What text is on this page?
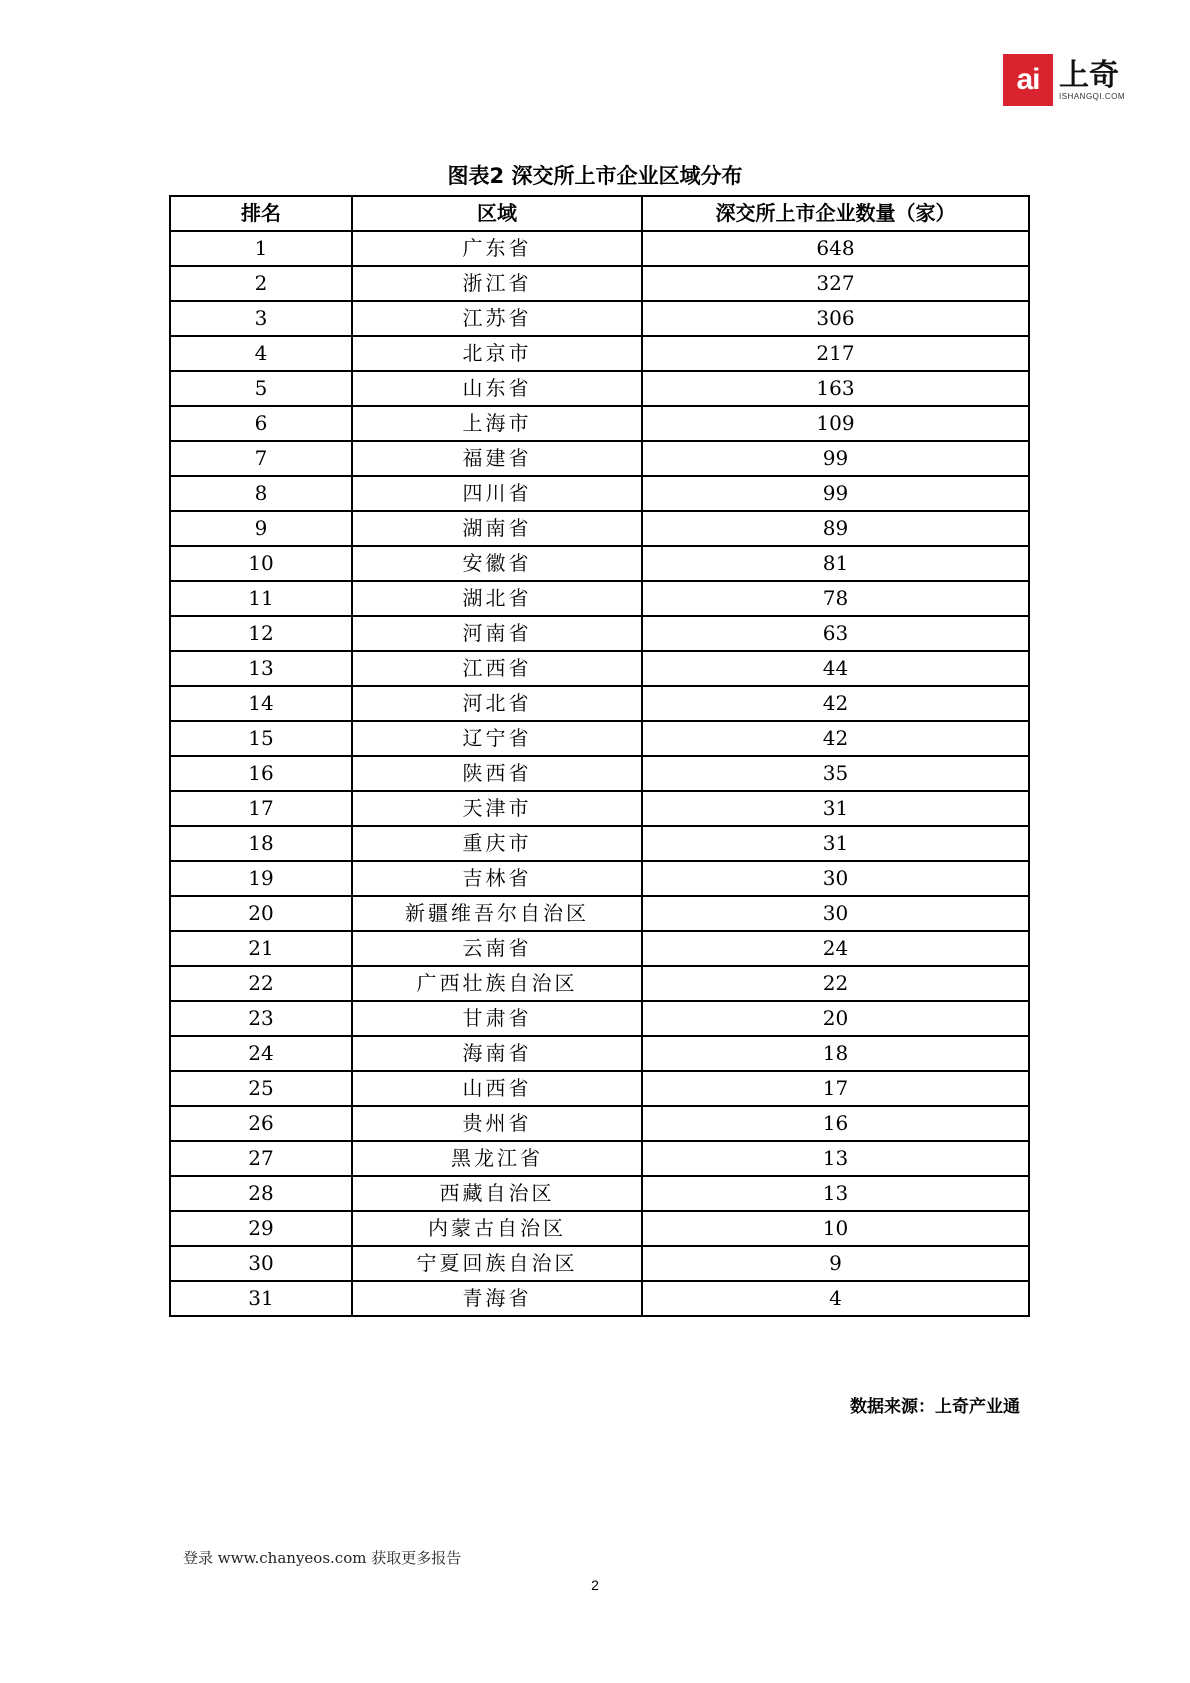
ai 上奇
ISHANGQI.COM
图表2 深交所上市企业区域分布
排名	区域	深交所上市企业数量（家）
1	广东省	648
2	浙江省	327
3	江苏省	306
4	北京市	217
5	山东省	163
6	上海市	109
7	福建省	99
8	四川省	99
9	湖南省	89
10	安徽省	81
11	湖北省	78
12	河南省	63
13	江西省	44
14	河北省	42
15	辽宁省	42
16	陕西省	35
17	天津市	31
18	重庆市	31
19	吉林省	30
20	新疆维吾尔自治区	30
21	云南省	24
22	广西壮族自治区	22
23	甘肃省	20
24	海南省	18
25	山西省	17
26	贵州省	16
27	黑龙江省	13
28	西藏自治区	13
29	内蒙古自治区	10
30	宁夏回族自治区	9
31	青海省	4
数据来源：上奇产业通
登录 www.chanyeos.com 获取更多报告
2
